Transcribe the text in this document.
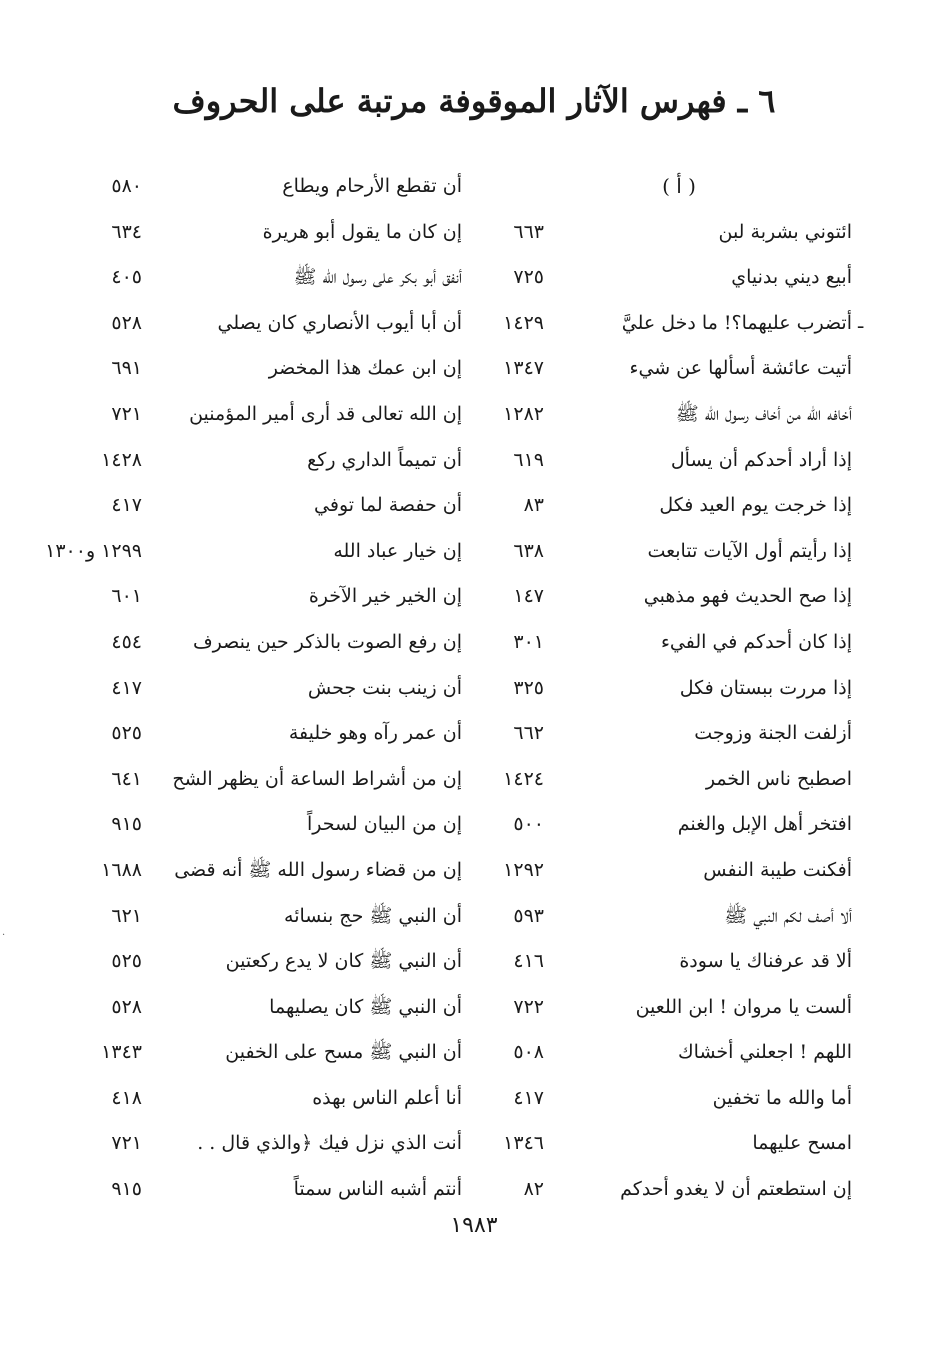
٦ ـ فهرس الآثار الموقوفة مرتبة على الحروف
( أ )
ائتوني بشربة لبن
٦٦٣
أبيع ديني بدنياي
٧٢٥
أتضرب عليهما؟! ما دخل عليَّ
١٤٢٩
أتيت عائشة أسألها عن شيء
١٣٤٧
أخافه الله من أخاف رسول الله ﷺ
١٢٨٢
إذا أراد أحدكم أن يسأل
٦١٩
إذا خرجت يوم العيد فكل
٨٣
إذا رأيتم أول الآيات تتابعت
٦٣٨
إذا صح الحديث فهو مذهبي
١٤٧
إذا كان أحدكم في الفيء
٣٠١
إذا مررت ببستان فكل
٣٢٥
أزلفت الجنة وزوجت
٦٦٢
اصطبح ناس الخمر
١٤٢٤
افتخر أهل الإبل والغنم
٥٠٠
أفكنت طيبة النفس
١٢٩٢
ألا أصف لكم النبي ﷺ
٥٩٣
ألا قد عرفناك يا سودة
٤١٦
ألست يا مروان ! ابن اللعين
٧٢٢
اللهم ! اجعلني أخشاك
٥٠٨
أما والله ما تخفين
٤١٧
امسح عليهما
١٣٤٦
إن استطعتم أن لا يغدو أحدكم
٨٢
أن تقطع الأرحام ويطاع
٥٨٠
إن كان ما يقول أبو هريرة
٦٣٤
أنفق أبو بكر على رسول الله ﷺ
٤٠٥
أن أبا أيوب الأنصاري كان يصلي
٥٢٨
إن ابن عمك هذا المخضر
٦٩١
إن الله تعالى قد أرى أمير المؤمنين
٧٢١
أن تميماً الداري ركع
١٤٢٨
أن حفصة لما توفي
٤١٧
إن خيار عباد الله
١٢٩٩ و١٣٠٠
إن الخير خير الآخرة
٦٠١
إن رفع الصوت بالذكر حين ينصرف
٤٥٤
أن زينب بنت جحش
٤١٧
أن عمر رآه وهو خليفة
٥٢٥
إن من أشراط الساعة أن يظهر الشح
٦٤١
إن من البيان لسحراً
٩١٥
إن من قضاء رسول الله ﷺ أنه قضى
١٦٨٨
أن النبي ﷺ حج بنسائه
٦٢١
أن النبي ﷺ كان لا يدع ركعتين
٥٢٥
أن النبي ﷺ كان يصليهما
٥٢٨
أن النبي ﷺ مسح على الخفين
١٣٤٣
أنا أعلم الناس بهذه
٤١٨
أنت الذي نزل فيك ﴿والذي قال . .
٧٢١
أنتم أشبه الناس سمتاً
٩١٥
ـ
·
١٩٨٣
